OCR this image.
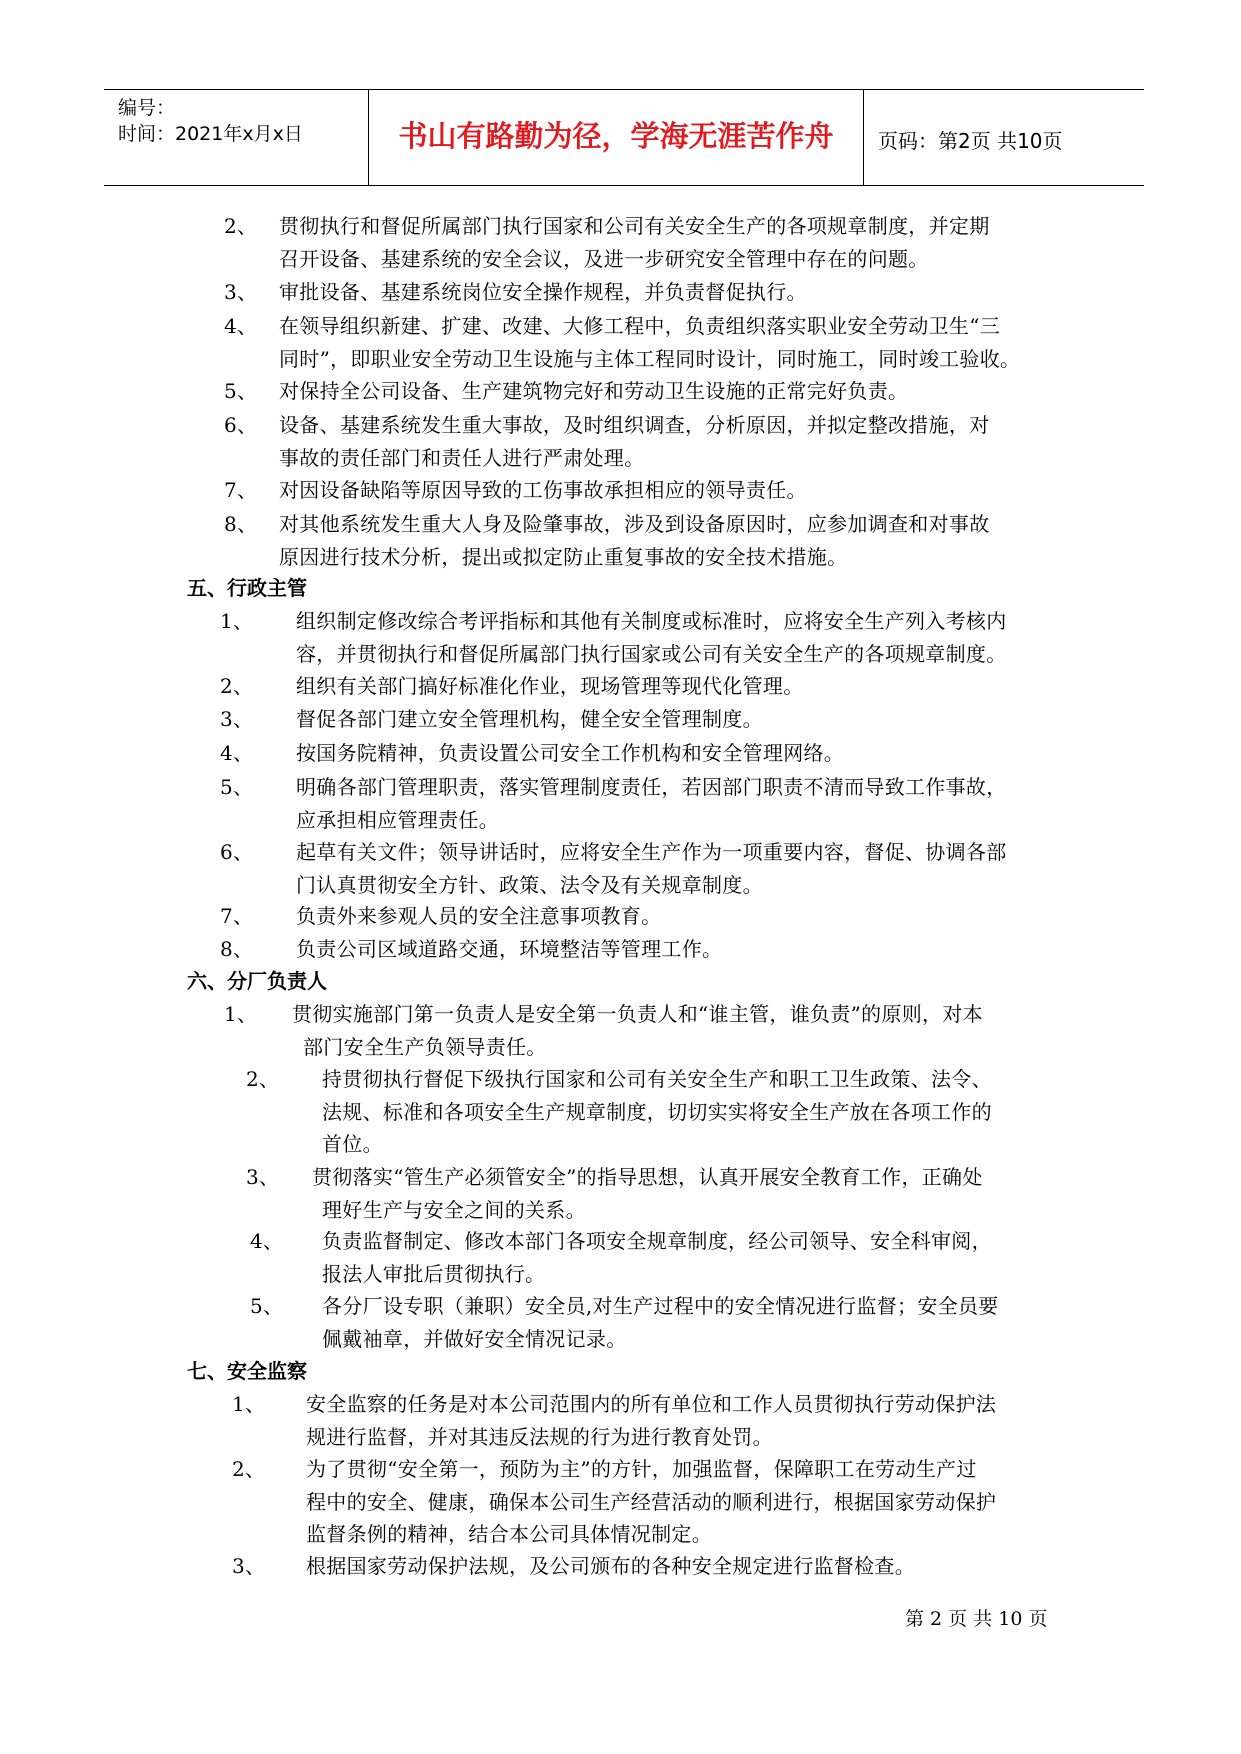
编号：
时间：2021年x月x日	书山有路勤为径，学海无涯苦作舟	页码：第2页 共10页
2、 贯彻执行和督促所属部门执行国家和公司有关安全生产的各项规章制度，并定期
召开设备、基建系统的安全会议，及进一步研究安全管理中存在的问题。
3、 审批设备、基建系统岗位安全操作规程，并负责督促执行。
4、 在领导组织新建、扩建、改建、大修工程中，负责组织落实职业安全劳动卫生“三
同时”，即职业安全劳动卫生设施与主体工程同时设计，同时施工，同时竣工验收。
5、 对保持全公司设备、生产建筑物完好和劳动卫生设施的正常完好负责。
6、 设备、基建系统发生重大事故，及时组织调查，分析原因，并拟定整改措施，对
事故的责任部门和责任人进行严肃处理。
7、 对因设备缺陷等原因导致的工伤事故承担相应的领导责任。
8、 对其他系统发生重大人身及险肇事故，涉及到设备原因时，应参加调查和对事故
原因进行技术分析，提出或拟定防止重复事故的安全技术措施。
五、行政主管
1、 组织制定修改综合考评指标和其他有关制度或标准时，应将安全生产列入考核内
容，并贯彻执行和督促所属部门执行国家或公司有关安全生产的各项规章制度。
2、 组织有关部门搞好标准化作业，现场管理等现代化管理。
3、 督促各部门建立安全管理机构，健全安全管理制度。
4、 按国务院精神，负责设置公司安全工作机构和安全管理网络。
5、 明确各部门管理职责，落实管理制度责任，若因部门职责不清而导致工作事故，
应承担相应管理责任。
6、 起草有关文件；领导讲话时，应将安全生产作为一项重要内容，督促、协调各部
门认真贯彻安全方针、政策、法令及有关规章制度。
7、 负责外来参观人员的安全注意事项教育。
8、 负责公司区域道路交通，环境整洁等管理工作。
六、分厂负责人
1、 贯彻实施部门第一负责人是安全第一负责人和“谁主管，谁负责”的原则，对本
部门安全生产负领导责任。
2、 持贯彻执行督促下级执行国家和公司有关安全生产和职工卫生政策、法令、
法规、标准和各项安全生产规章制度，切切实实将安全生产放在各项工作的
首位。
3、 贯彻落实“管生产必须管安全”的指导思想，认真开展安全教育工作，正确处
理好生产与安全之间的关系。
4、 负责监督制定、修改本部门各项安全规章制度，经公司领导、安全科审阅，
报法人审批后贯彻执行。
5、 各分厂设专职（兼职）安全员,对生产过程中的安全情况进行监督；安全员要
佩戴袖章，并做好安全情况记录。
七、安全监察
1、 安全监察的任务是对本公司范围内的所有单位和工作人员贯彻执行劳动保护法
规进行监督，并对其违反法规的行为进行教育处罚。
2、 为了贯彻“安全第一，预防为主”的方针，加强监督，保障职工在劳动生产过
程中的安全、健康，确保本公司生产经营活动的顺利进行，根据国家劳动保护
监督条例的精神，结合本公司具体情况制定。
3、 根据国家劳动保护法规，及公司颁布的各种安全规定进行监督检查。
第 2 页 共 10 页
